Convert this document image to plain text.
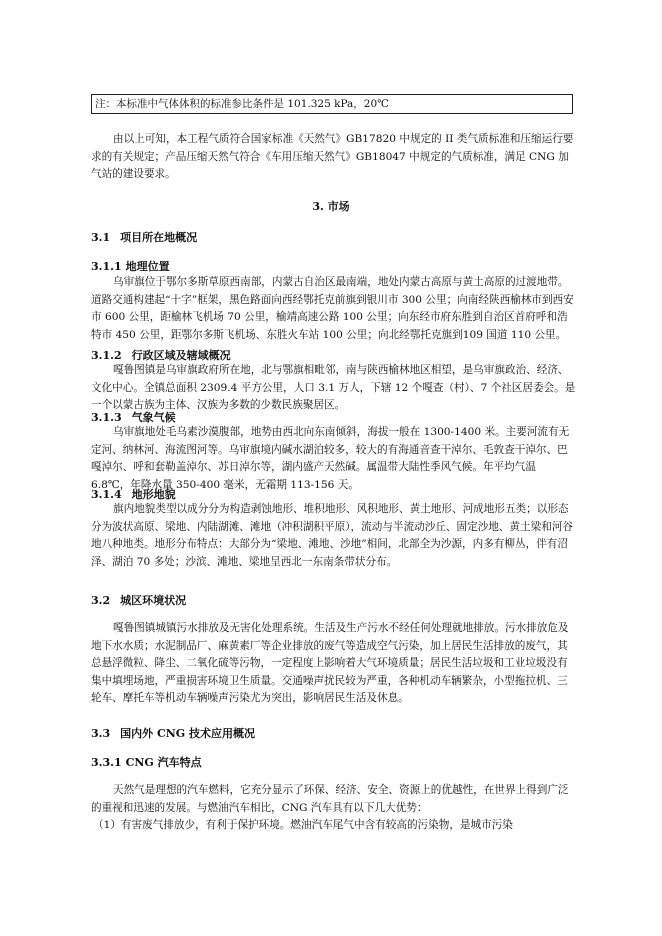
注：本标准中气体体积的标准参比条件是 101.325 kPa，20℃

由以上可知，本工程气质符合国家标准《天然气》GB17820 中规定的 II 类气质标准和压缩运行要求的有关规定；产品压缩天然气符合《车用压缩天然气》GB18047 中规定的气质标准，满足 CNG 加气站的建设要求。

3. 市场

3.1 项目所在地概况

3.1.1 地理位置

乌审旗位于鄂尔多斯草原西南部，内蒙古自治区最南端，地处内蒙古高原与黄土高原的过渡地带。道路交通构建起“十字”框架，黑色路面向西经鄂托克前旗到银川市 300 公里；向南经陕西榆林市到西安市 600 公里，距榆林飞机场 70 公里，榆靖高速公路 100 公里；向东经市府东胜到自治区首府呼和浩特市 450 公里，距鄂尔多斯飞机场、东胜火车站 100 公里；向北经鄂托克旗到109 国道 110 公里。

3.1.2 行政区域及辖域概况

嘎鲁图镇是乌审旗政府所在地，北与鄂旗相毗邻，南与陕西榆林地区相望，是乌审旗政治、经济、文化中心。全镇总面积 2309.4 平方公里，人口 3.1 万人，下辖 12 个嘎查（村）、7 个社区居委会。是一个以蒙古族为主体、汉族为多数的少数民族聚居区。

3.1.3 气象气候

乌审旗地处毛乌素沙漠腹部，地势由西北向东南倾斜，海拔一般在 1300-1400 米。主要河流有无定河、纳林河、海流图河等。乌审旗境内碱水湖泊较多，较大的有海通音查干淖尔、毛敦查干淖尔、巴嘎淖尔、呼和套勒盖淖尔、苏日淖尔等，湖内盛产天然碱。属温带大陆性季风气候。年平均气温 6.8℃，年降水量 350-400 毫米，无霜期 113-156 天。

3.1.4 地形地貌

旗内地貌类型以成分分为构造剥蚀地形、堆积地形、风积地形、黄土地形、河成地形五类；以形态分为波状高原、梁地、内陆湖滩、滩地（冲积湖积平原），流动与半流动沙丘、固定沙地、黄土梁和河谷地八种地类。地形分布特点：大部分为“梁地、滩地、沙地”相间，北部全为沙源，内多有柳丛，伴有沼泽、湖泊 70 多处；沙滨、滩地、梁地呈西北一东南条带状分布。

3.2 城区环境状况

嘎鲁图镇城镇污水排放及无害化处理系统。生活及生产污水不经任何处理就地排放。污水排放危及地下水水质；水泥制品厂、麻黄素厂等企业排放的废气等造成空气污染，加上居民生活排放的废气，其总悬浮微粒、降尘、二氧化硫等污物，一定程度上影响着大气环境质量；居民生活垃圾和工业垃圾没有集中填埋场地，严重损害环境卫生质量。交通噪声扰民较为严重，各种机动车辆繁杂，小型拖拉机、三轮车、摩托车等机动车辆噪声污染尤为突出，影响居民生活及休息。

3.3 国内外 CNG 技术应用概况

3.3.1 CNG 汽车特点

天然气是理想的汽车燃料，它充分显示了环保、经济、安全、资源上的优越性，在世界上得到广泛的重视和迅速的发展。与燃油汽车相比，CNG 汽车具有以下几大优势：

（1）有害废气排放少，有利于保护环境。燃油汽车尾气中含有较高的污染物，是城市污染
